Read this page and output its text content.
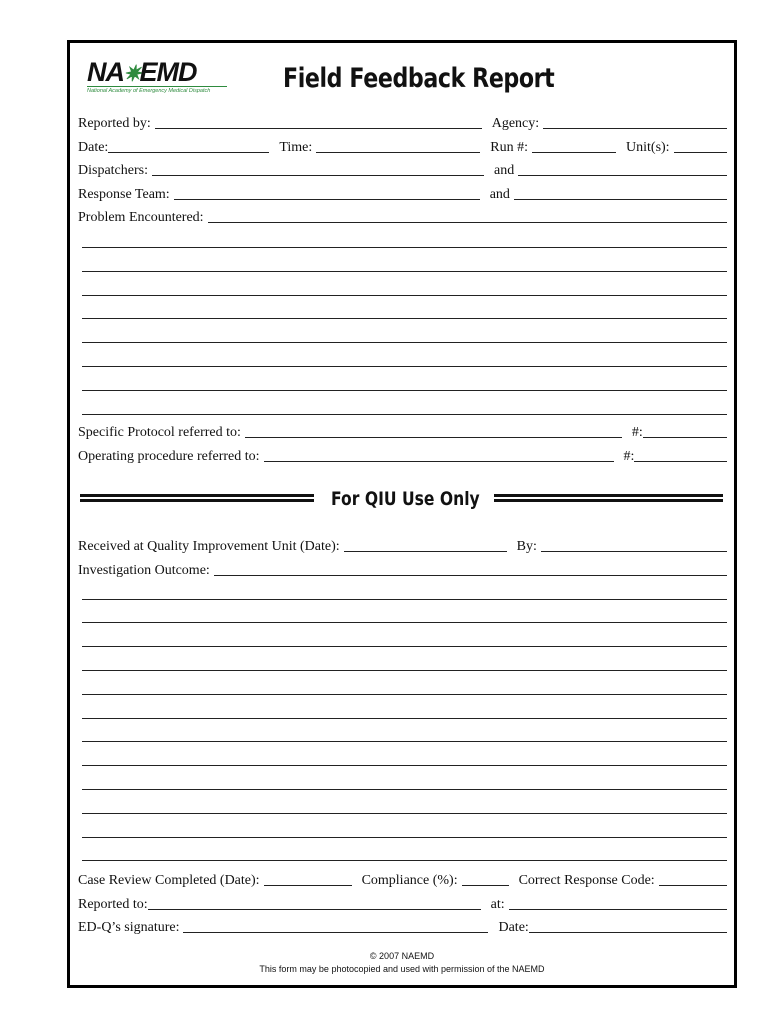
NA✷EMD
National Academy of Emergency Medical Dispatch	Field Feedback Report
Reported by:	Agency:
Date:	Time:	Run #:	Unit(s):
Dispatchers:	and
Response Team:	and
Problem Encountered:
Specific Protocol referred to:	#:
Operating procedure referred to:	#:
For QIU Use Only
Received at Quality Improvement Unit (Date):	By:
Investigation Outcome:
Case Review Completed (Date):	Compliance (%):	Correct Response Code:
Reported to:	at:
ED-Q’s signature:	Date:
© 2007 NAEMD
This form may be photocopied and used with permission of the NAEMD
